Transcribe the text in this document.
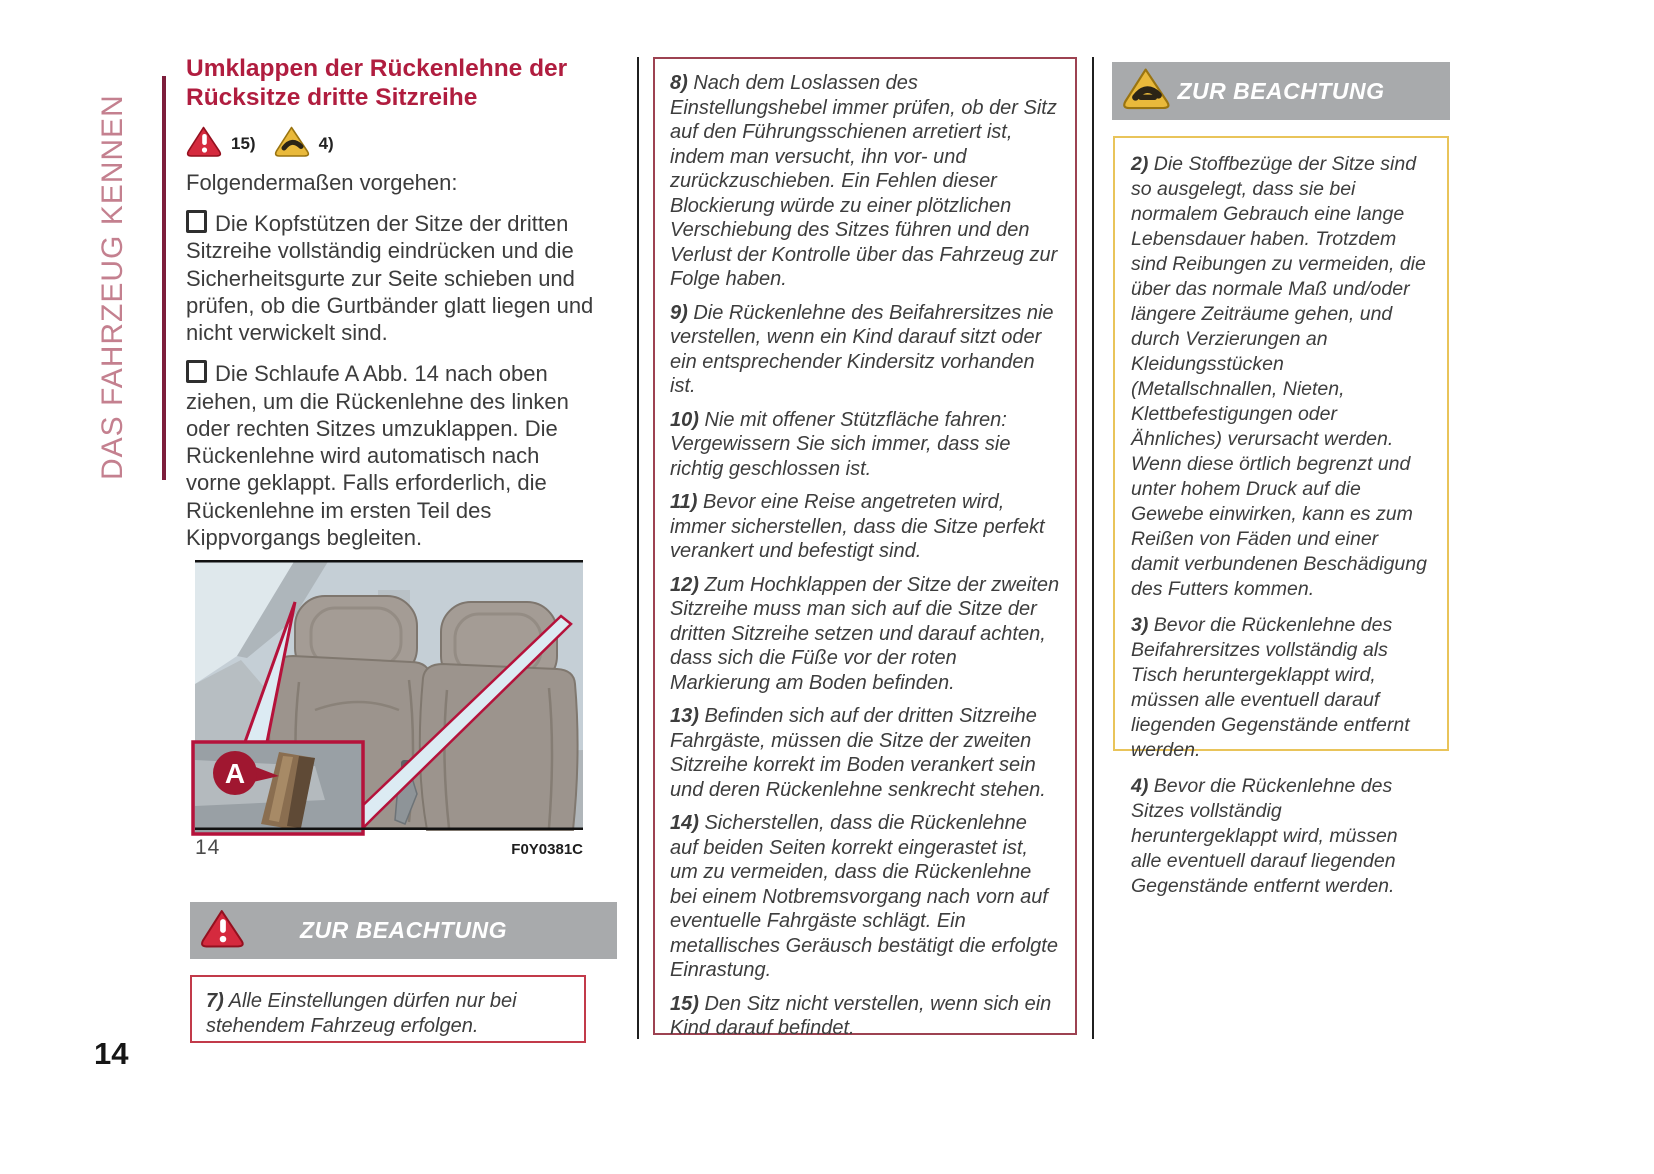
DAS FAHRZEUG KENNEN
Umklappen der Rückenlehne der Rücksitze dritte Sitzreihe
15)	4)

Folgendermaßen vorgehen:

Die Kopfstützen der Sitze der dritten Sitzreihe vollständig eindrücken und die Sicherheitsgurte zur Seite schieben und prüfen, ob die Gurtbänder glatt liegen und nicht verwickelt sind.

Die Schlaufe A Abb. 14 nach oben ziehen, um die Rückenlehne des linken oder rechten Sitzes umzuklappen. Die Rückenlehne wird automatisch nach vorne geklappt. Falls erforderlich, die Rückenlehne im ersten Teil des Kippvorgangs begleiten.

A
14	F0Y0381C
ZUR BEACHTUNG

7) Alle Einstellungen dürfen nur bei stehendem Fahrzeug erfolgen.

8) Nach dem Loslassen des Einstellungshebel immer prüfen, ob der Sitz auf den Führungsschienen arretiert ist, indem man versucht, ihn vor- und zurückzuschieben. Ein Fehlen dieser Blockierung würde zu einer plötzlichen Verschiebung des Sitzes führen und den Verlust der Kontrolle über das Fahrzeug zur Folge haben.

9) Die Rückenlehne des Beifahrersitzes nie verstellen, wenn ein Kind darauf sitzt oder ein entsprechender Kindersitz vorhanden ist.

10) Nie mit offener Stützfläche fahren: Vergewissern Sie sich immer, dass sie richtig geschlossen ist.

11) Bevor eine Reise angetreten wird, immer sicherstellen, dass die Sitze perfekt verankert und befestigt sind.

12) Zum Hochklappen der Sitze der zweiten Sitzreihe muss man sich auf die Sitze der dritten Sitzreihe setzen und darauf achten, dass sich die Füße vor der roten Markierung am Boden befinden.

13) Befinden sich auf der dritten Sitzreihe Fahrgäste, müssen die Sitze der zweiten Sitzreihe korrekt im Boden verankert sein und deren Rückenlehne senkrecht stehen.

14) Sicherstellen, dass die Rückenlehne auf beiden Seiten korrekt eingerastet ist, um zu vermeiden, dass die Rückenlehne bei einem Notbremsvorgang nach vorn auf eventuelle Fahrgäste schlägt. Ein metallisches Geräusch bestätigt die erfolgte Einrastung.

15) Den Sitz nicht verstellen, wenn sich ein Kind darauf befindet.

ZUR BEACHTUNG

2) Die Stoffbezüge der Sitze sind so ausgelegt, dass sie bei normalem Gebrauch eine lange Lebensdauer haben. Trotzdem sind Reibungen zu vermeiden, die über das normale Maß und/oder längere Zeiträume gehen, und durch Verzierungen an Kleidungsstücken (Metallschnallen, Nieten, Klettbefestigungen oder Ähnliches) verursacht werden. Wenn diese örtlich begrenzt und unter hohem Druck auf die Gewebe einwirken, kann es zum Reißen von Fäden und einer damit verbundenen Beschädigung des Futters kommen.

3) Bevor die Rückenlehne des Beifahrersitzes vollständig als Tisch heruntergeklappt wird, müssen alle eventuell darauf liegenden Gegenstände entfernt werden.

4) Bevor die Rückenlehne des Sitzes vollständig heruntergeklappt wird, müssen alle eventuell darauf liegenden Gegenstände entfernt werden.

14
